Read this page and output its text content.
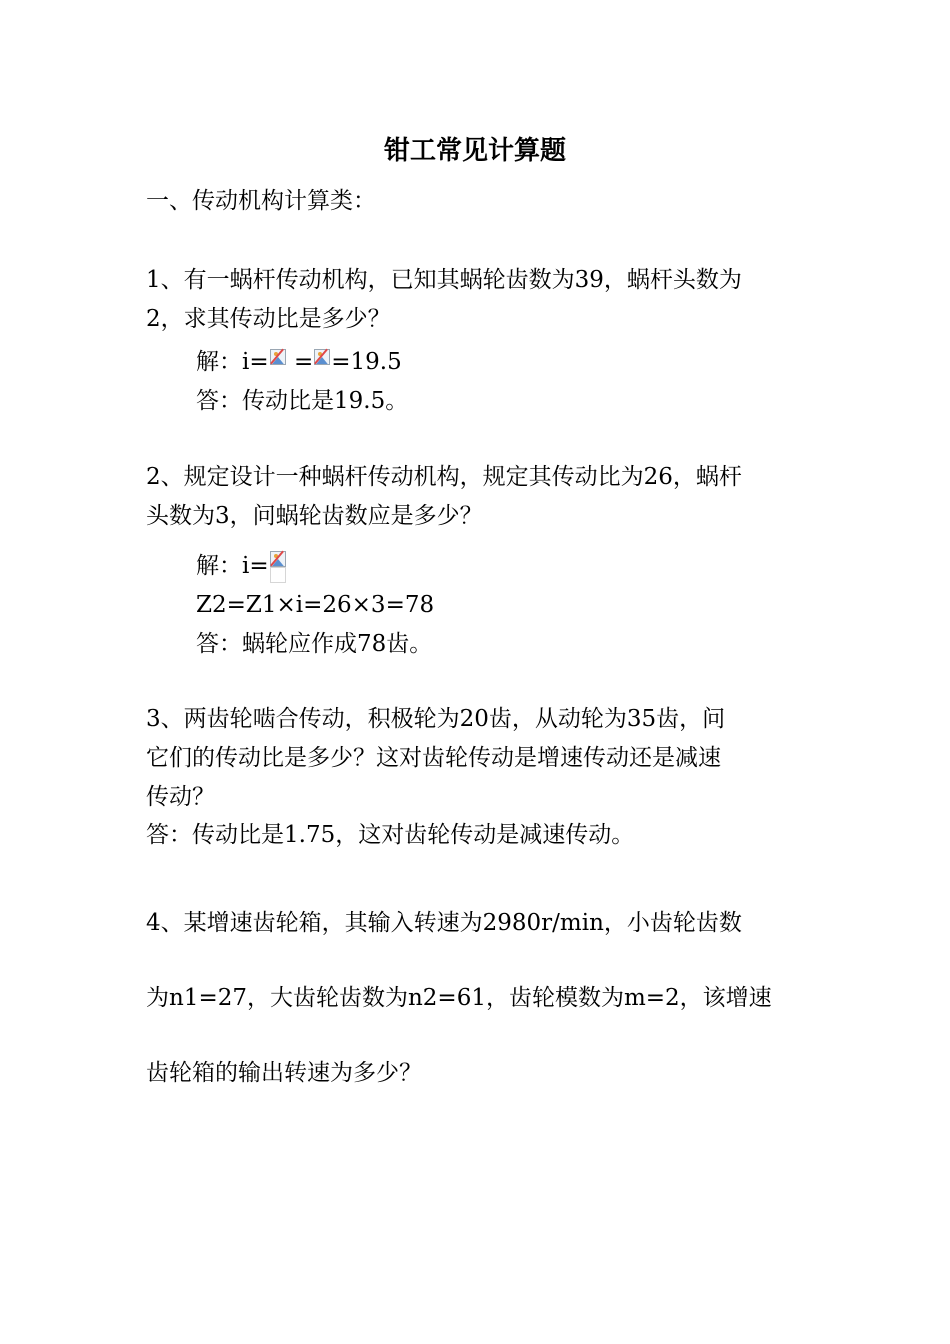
钳工常见计算题

一、传动机构计算类：

1、有一蜗杆传动机构，已知其蜗轮齿数为39，蜗杆头数为

2，求其传动比是多少？

解：i=
= =19.5

答：传动比是19.5。

2、规定设计一种蜗杆传动机构，规定其传动比为26，蜗杆

头数为3，问蜗轮齿数应是多少？

解：i=

Z2=Z1×i=26×3=78

答：蜗轮应作成78齿。

3、两齿轮啮合传动，积极轮为20齿，从动轮为35齿，问

它们的传动比是多少？这对齿轮传动是增速传动还是减速

传动？

答：传动比是1.75，这对齿轮传动是减速传动。

4、某增速齿轮箱，其输入转速为2980r/min，小齿轮齿数

为n1=27，大齿轮齿数为n2=61，齿轮模数为m=2，该增速

齿轮箱的输出转速为多少？
